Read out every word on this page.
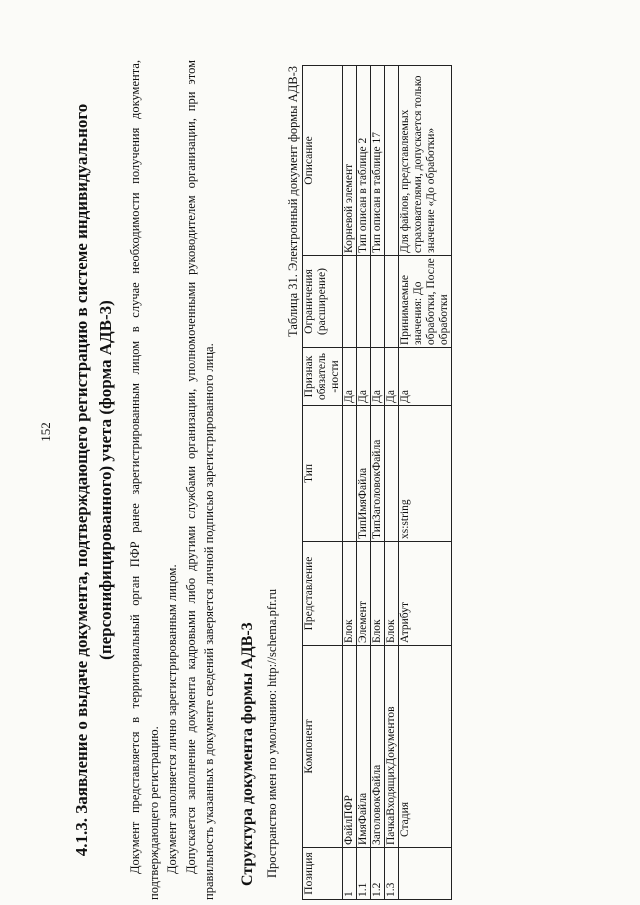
152 4.1.3. Заявление о выдаче документа, подтверждающего регистрацию в системе индивидуального (персонифицированного) учета (форма АДВ-3) Документ представляется в территориальный орган ПФР ранее зарегистрированным лицом в случае необходимости получения документа, подтверждающего регистрацию. Документ заполняется лично зарегистрированным лицом. Допускается заполнение документа кадровыми либо другими службами организации, уполномоченными руководителем организации, при этом правильность указанных в документе сведений заверяется личной подписью зарегистрированного лица. Структура документа формы АДВ-3 Пространство имен по умолчанию: http://schema.pfr.ru

Таблица 31. Электронный документ формы АДВ-3
Позиция	Компонент	Представление	Тип	Признак обязатель -ности	Ограничения (расширение)	Описание
1	ФайлПФР	Блок		Да		Корневой элемент
1.1	ИмяФайла	Элемент	ТипИмяФайла	Да		Тип описан в таблице 2
1.2	ЗаголовокФайла	Блок	ТипЗаголовокФайла	Да		Тип описан в таблице 17
1.3	ПачкаВходящихДокументов	Блок		Да		
	Стадия	Атрибут	xs:string	Да	Принимаемые значения: До обработки, После обработки	Для файлов, представляемых страхователями, допускается только значение «До обработки»
